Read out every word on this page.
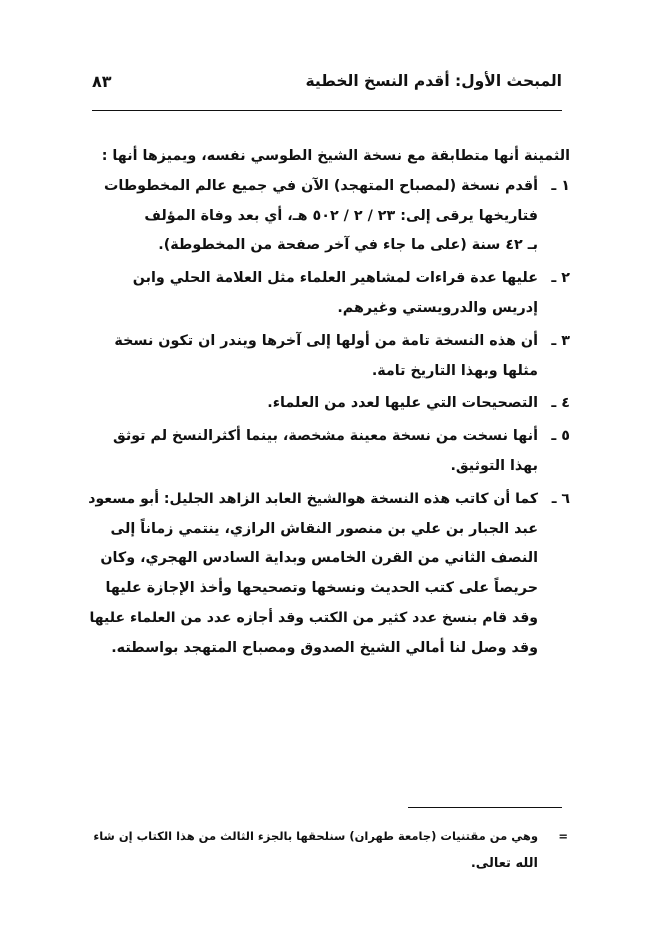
المبحث الأول: أقدم النسخ الخطية
٨٣
الثمينة أنها متطابقة مع نسخة الشيخ الطوسي نفسه، ويميزها أنها :
١ ـ
أقدم نسخة (لمصباح المتهجد) الآن في جميع عالم المخطوطات
فتاريخها يرقى إلى: ٢٣ / ٢ / ٥٠٢ هـ، أي بعد وفاة المؤلف
بـ ٤٢ سنة (على ما جاء في آخر صفحة من المخطوطة).
٢ ـ
عليها عدة قراءات لمشاهير العلماء مثل العلامة الحلي وابن
إدريس والدرويستي وغيرهم.
٣ ـ
أن هذه النسخة تامة من أولها إلى آخرها ويندر ان تكون نسخة
مثلها وبهذا التاريخ تامة.
٤ ـ
التصحيحات التي عليها لعدد من العلماء.
٥ ـ
أنها نسخت من نسخة معينة مشخصة، بينما أكثرالنسخ لم توثق
بهذا التوثيق.
٦ ـ
كما أن كاتب هذه النسخة هوالشيخ العابد الزاهد الجليل: أبو مسعود
عبد الجبار بن علي بن منصور النقاش الرازي، ينتمي زماناً إلى
النصف الثاني من القرن الخامس وبداية السادس الهجري، وكان
حريصاً على كتب الحديث ونسخها وتصحيحها وأخذ الإجازة عليها
وقد قام بنسخ عدد كثير من الكتب وقد أجازه عدد من العلماء عليها
وقد وصل لنا أمالي الشيخ الصدوق ومصباح المتهجد بواسطته.
=
وهي من مقتنيات (جامعة طهران) سنلحقها بالجزء الثالث من هذا الكتاب إن شاء
الله تعالى.
